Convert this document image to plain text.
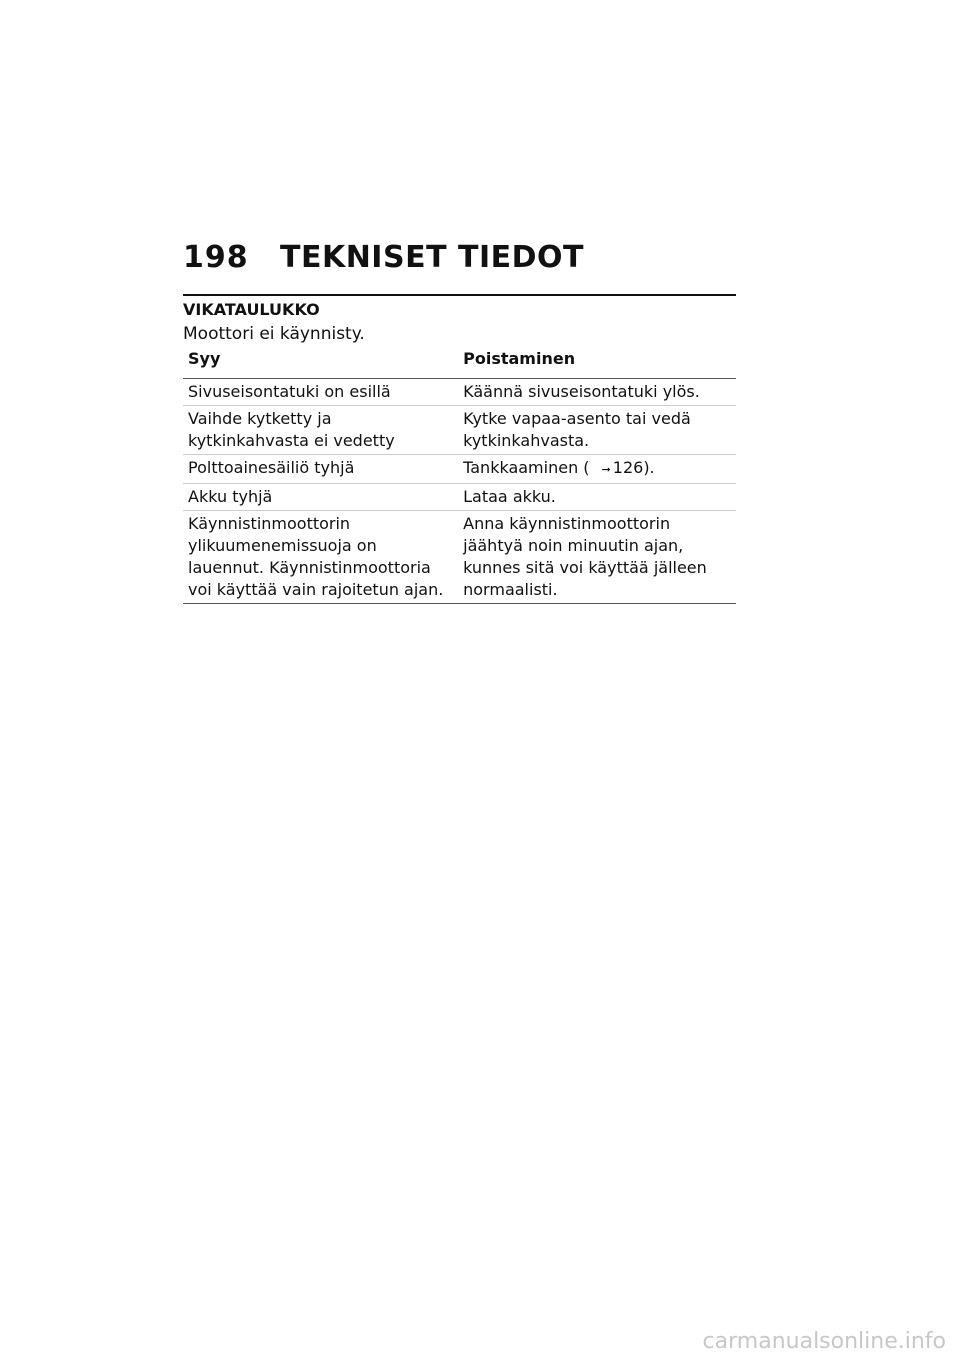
198 TEKNISET TIEDOT
VIKATAULUKKO
Moottori ei käynnisty.
Syy	Poistaminen
Sivuseisontatuki on esillä	Käännä sivuseisontatuki ylös.
Vaihde kytketty ja kytkinkahvasta ei vedetty	Kytke vapaa-asento tai vedä kytkinkahvasta.
Polttoainesäiliö tyhjä	Tankkaaminen ( ➞ 126).
Akku tyhjä	Lataa akku.
Käynnistinmoottorin ylikuumenemissuoja on lauennut. Käynnistinmoottoria voi käyttää vain rajoitetun ajan.	Anna käynnistinmoottorin jäähtyä noin minuutin ajan, kunnes sitä voi käyttää jälleen normaalisti.
carmanualsonline.info
